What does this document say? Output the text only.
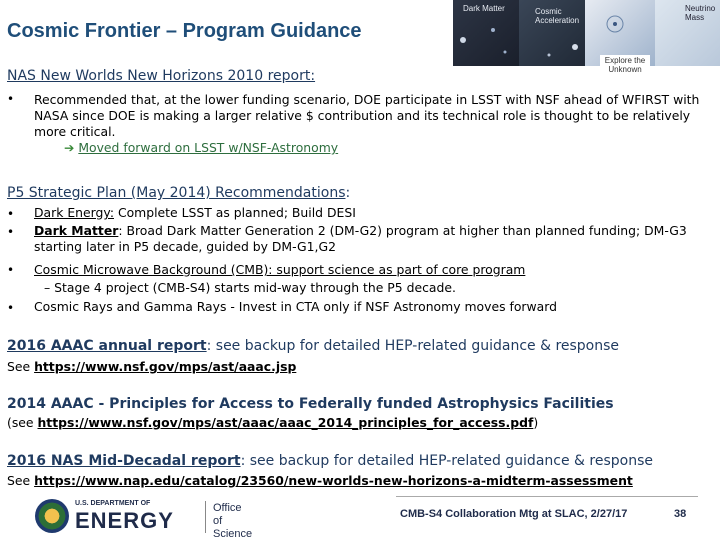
Cosmic Frontier – Program Guidance
Dark Matter	Cosmic Acceleration
Neutrino Mass
Explore the Unknown
NAS New Worlds New Horizons 2010 report:
• Recommended that, at the lower funding scenario, DOE participate in LSST with NSF ahead of WFIRST with NASA since DOE is making a larger relative $ contribution and its technical role is thought to be relatively more critical.
➔ Moved forward on LSST w/NSF-Astronomy
P5 Strategic Plan (May 2014) Recommendations:
• Dark Energy: Complete LSST as planned; Build DESI
• Dark Matter: Broad Dark Matter Generation 2 (DM-G2) program at higher than planned funding; DM-G3 starting later in P5 decade, guided by DM-G1,G2
• Cosmic Microwave Background (CMB): support science as part of core program
– Stage 4 project (CMB-S4) starts mid-way through the P5 decade.
• Cosmic Rays and Gamma Rays - Invest in CTA only if NSF Astronomy moves forward
2016 AAAC annual report: see backup for detailed HEP-related guidance & response
See https://www.nsf.gov/mps/ast/aaac.jsp
2014 AAAC - Principles for Access to Federally funded Astrophysics Facilities
(see https://www.nsf.gov/mps/ast/aaac/aaac_2014_principles_for_access.pdf)
2016 NAS Mid-Decadal report: see backup for detailed HEP-related guidance & response
See https://www.nap.edu/catalog/23560/new-worlds-new-horizons-a-midterm-assessment
U.S. DEPARTMENT OF
ENERGY	Office of
Science
CMB-S4 Collaboration Mtg at SLAC, 2/27/17	38
